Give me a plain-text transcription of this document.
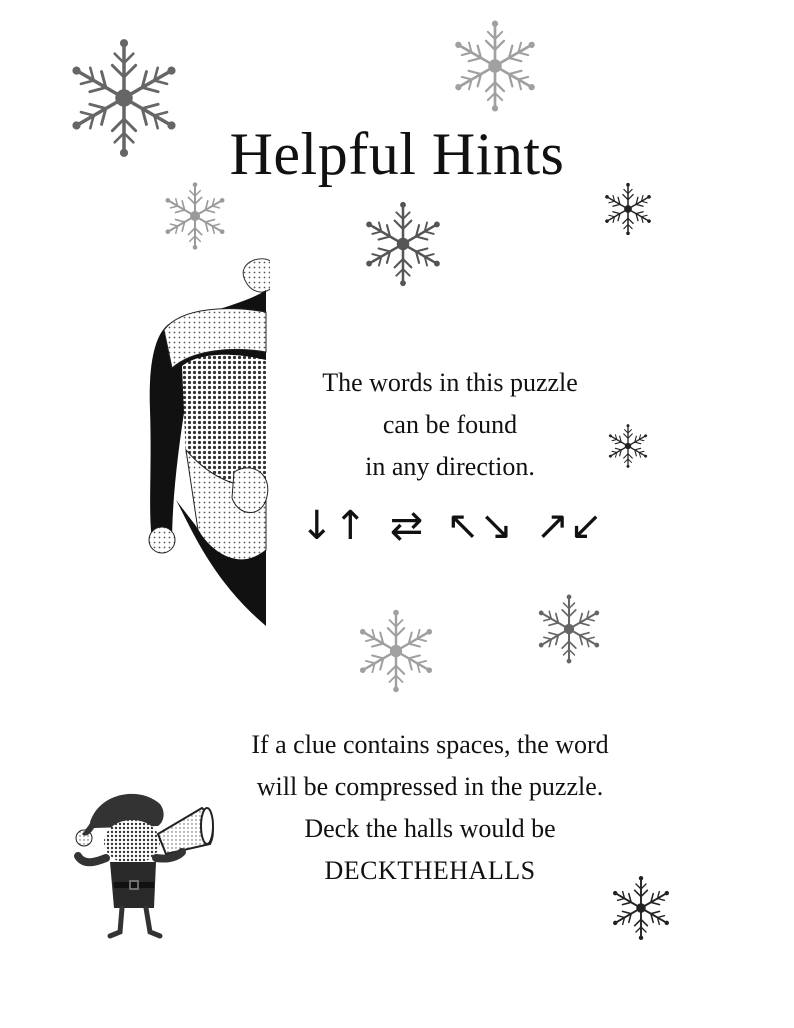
Helpful Hints
The words in this puzzle
can be found
in any direction.
↓↑ ⇄ ↖↘ ↗↙
If a clue contains spaces, the word
will be compressed in the puzzle.
Deck the halls would be
DECKTHEHALLS
